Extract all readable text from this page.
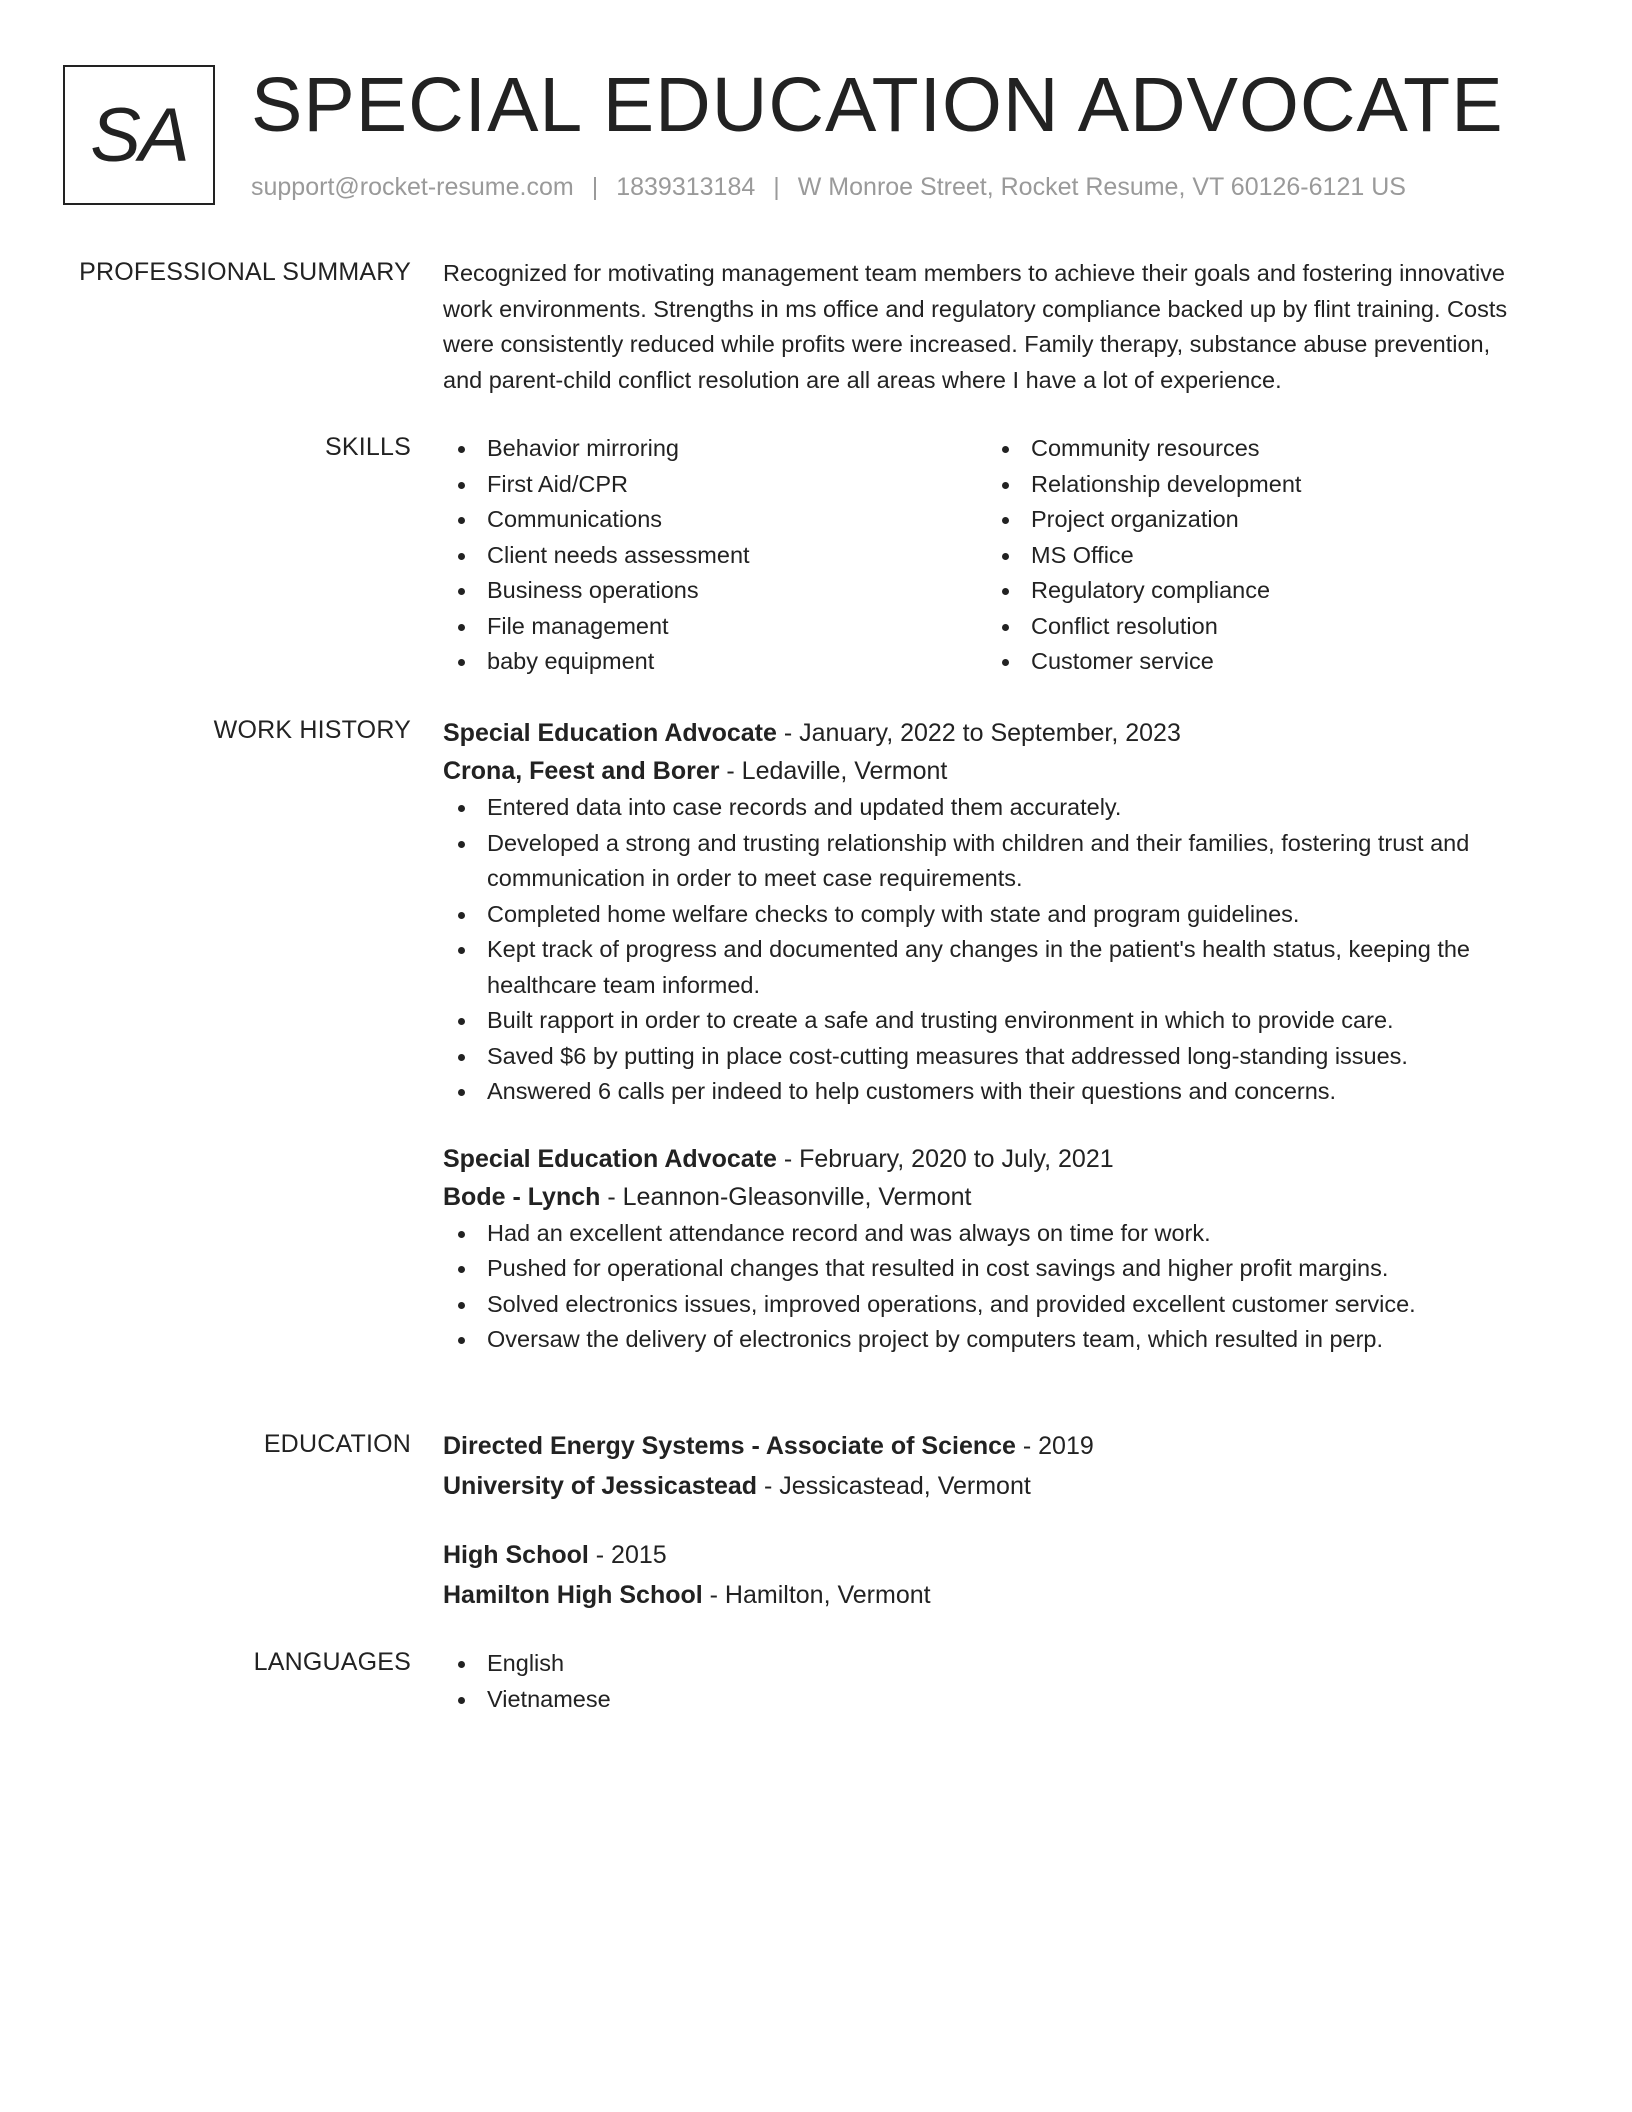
SA SPECIAL EDUCATION ADVOCATE
support@rocket-resume.com | 1839313184 | W Monroe Street, Rocket Resume, VT 60126-6121 US
PROFESSIONAL SUMMARY Recognized for motivating management team members to achieve their goals and fostering innovative work environments. Strengths in ms office and regulatory compliance backed up by flint training. Costs were consistently reduced while profits were increased. Family therapy, substance abuse prevention, and parent-child conflict resolution are all areas where I have a lot of experience.

SKILLS	Behavior mirroring
First Aid/CPR
Communications
Client needs assessment
Business operations
File management
baby equipment
Community resources
Relationship development
Project organization
MS Office
Regulatory compliance
Conflict resolution
Customer service
WORK HISTORY Special Education Advocate - January, 2022 to September, 2023
Crona, Feest and Borer - Ledaville, Vermont
Entered data into case records and updated them accurately.
Developed a strong and trusting relationship with children and their families, fostering trust and communication in order to meet case requirements.
Completed home welfare checks to comply with state and program guidelines.
Kept track of progress and documented any changes in the patient's health status, keeping the healthcare team informed.
Built rapport in order to create a safe and trusting environment in which to provide care.
Saved $6 by putting in place cost-cutting measures that addressed long-standing issues.
Answered 6 calls per indeed to help customers with their questions and concerns.
Special Education Advocate - February, 2020 to July, 2021
Bode - Lynch - Leannon-Gleasonville, Vermont
Had an excellent attendance record and was always on time for work.
Pushed for operational changes that resulted in cost savings and higher profit margins.
Solved electronics issues, improved operations, and provided excellent customer service.
Oversaw the delivery of electronics project by computers team, which resulted in perp.
EDUCATION Directed Energy Systems - Associate of Science - 2019
University of Jessicastead - Jessicastead, Vermont
High School - 2015
Hamilton High School - Hamilton, Vermont
LANGUAGES	English
Vietnamese
